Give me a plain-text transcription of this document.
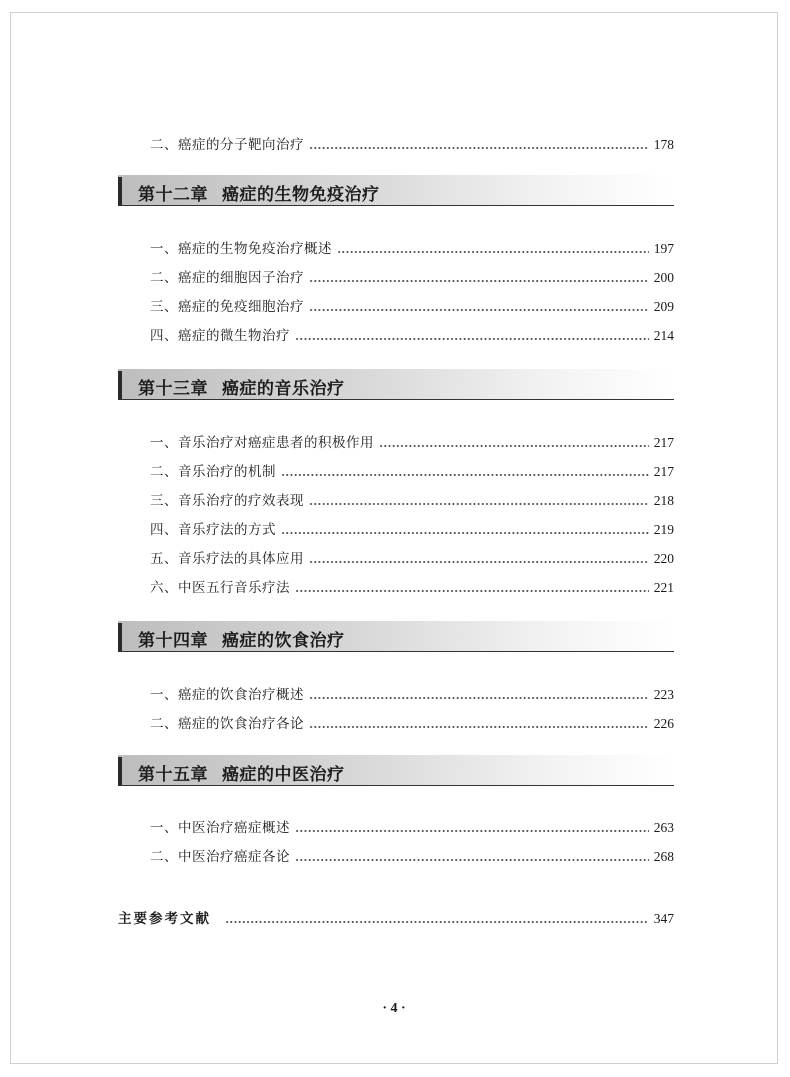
二、癌症的分子靶向治疗	178
第十二章 癌症的生物免疫治疗
一、癌症的生物免疫治疗概述	197
二、癌症的细胞因子治疗	200
三、癌症的免疫细胞治疗	209
四、癌症的微生物治疗	214
第十三章 癌症的音乐治疗
一、音乐治疗对癌症患者的积极作用	217
二、音乐治疗的机制	217
三、音乐治疗的疗效表现	218
四、音乐疗法的方式	219
五、音乐疗法的具体应用	220
六、中医五行音乐疗法	221
第十四章 癌症的饮食治疗
一、癌症的饮食治疗概述	223
二、癌症的饮食治疗各论	226
第十五章 癌症的中医治疗
一、中医治疗癌症概述	263
二、中医治疗癌症各论	268
主要参考文献	347
· 4 ·
